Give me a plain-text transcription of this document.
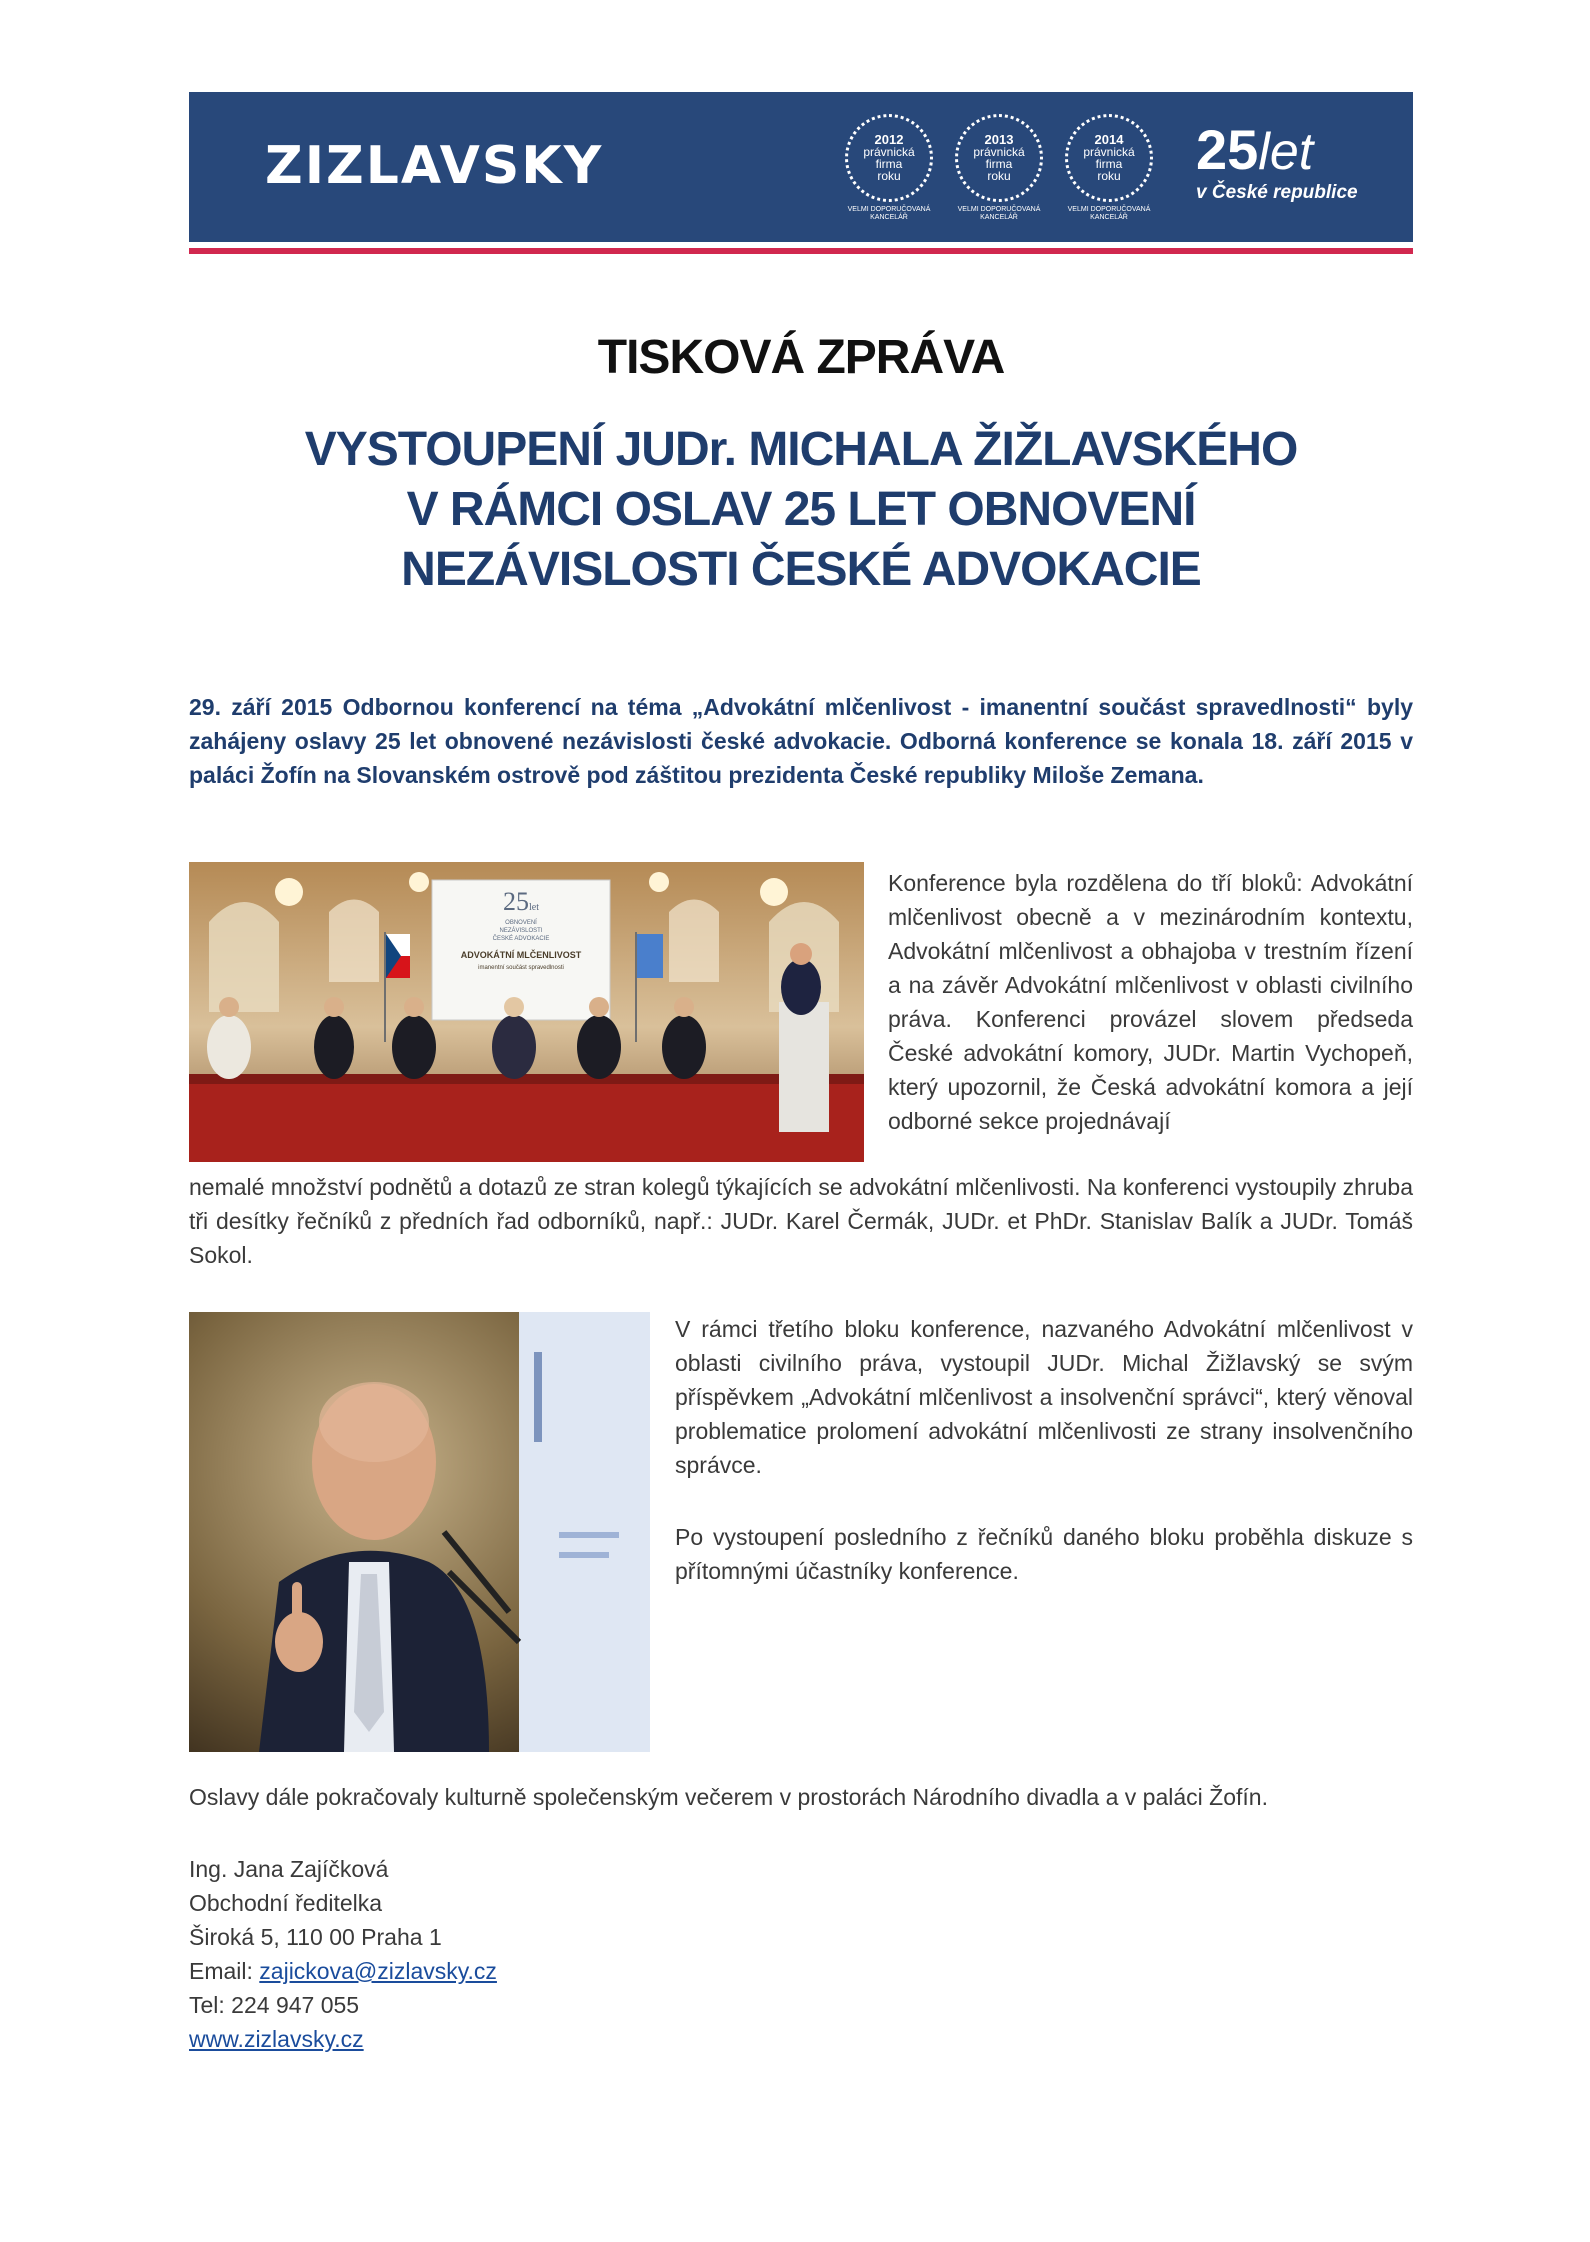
ZIZLAVSKY	2012
právnická
firma
roku
VELMI DOPORUČOVANÁ
KANCELÁŘ
2013
právnická
firma
roku
VELMI DOPORUČOVANÁ
KANCELÁŘ
2014
právnická
firma
roku
VELMI DOPORUČOVANÁ
KANCELÁŘ
25let
v České republice
TISKOVÁ ZPRÁVA
VYSTOUPENÍ JUDr. MICHALA ŽIŽLAVSKÉHO
V RÁMCI OSLAV 25 LET OBNOVENÍ
NEZÁVISLOSTI ČESKÉ ADVOKACIE
29. září 2015 Odbornou konferencí na téma „Advokátní mlčenlivost - imanentní součást spravedlnosti“ byly zahájeny oslavy 25 let obnovené nezávislosti české advokacie. Odborná konference se konala 18. září 2015 v paláci Žofín na Slovanském ostrově pod záštitou prezidenta České republiky Miloše Zemana.
25let
OBNOVENÍ
NEZÁVISLOSTI
ČESKÉ ADVOKACIE
ADVOKÁTNÍ MLČENLIVOST
imanentní součást spravedlnosti
Konference byla rozdělena do tří bloků: Advokátní mlčenlivost obecně a v mezinárodním kontextu, Advokátní mlčenlivost a obhajoba v trestním řízení a na závěr Advokátní mlčenlivost v oblasti civilního práva. Konferenci provázel slovem předseda České advokátní komory, JUDr. Martin Vychopeň, který upozornil, že Česká advokátní komora a její odborné sekce projednávají
nemalé množství podnětů a dotazů ze stran kolegů týkajících se advokátní mlčenlivosti. Na konferenci vystoupily zhruba tři desítky řečníků z předních řad odborníků, např.: JUDr. Karel Čermák, JUDr. et PhDr. Stanislav Balík a JUDr. Tomáš Sokol.
V rámci třetího bloku konference, nazvaného Advokátní mlčenlivost v oblasti civilního práva, vystoupil JUDr. Michal Žižlavský se svým příspěvkem „Advokátní mlčenlivost a insolvenční správci“, který věnoval problematice prolomení advokátní mlčenlivosti ze strany insolvenčního správce.
Po vystoupení posledního z řečníků daného bloku proběhla diskuze s přítomnými účastníky konference.
Oslavy dále pokračovaly kulturně společenským večerem v prostorách Národního divadla a v paláci Žofín.
Ing. Jana Zajíčková
Obchodní ředitelka
Široká 5, 110 00 Praha 1
Email: zajickova@zizlavsky.cz
Tel: 224 947 055
www.zizlavsky.cz
